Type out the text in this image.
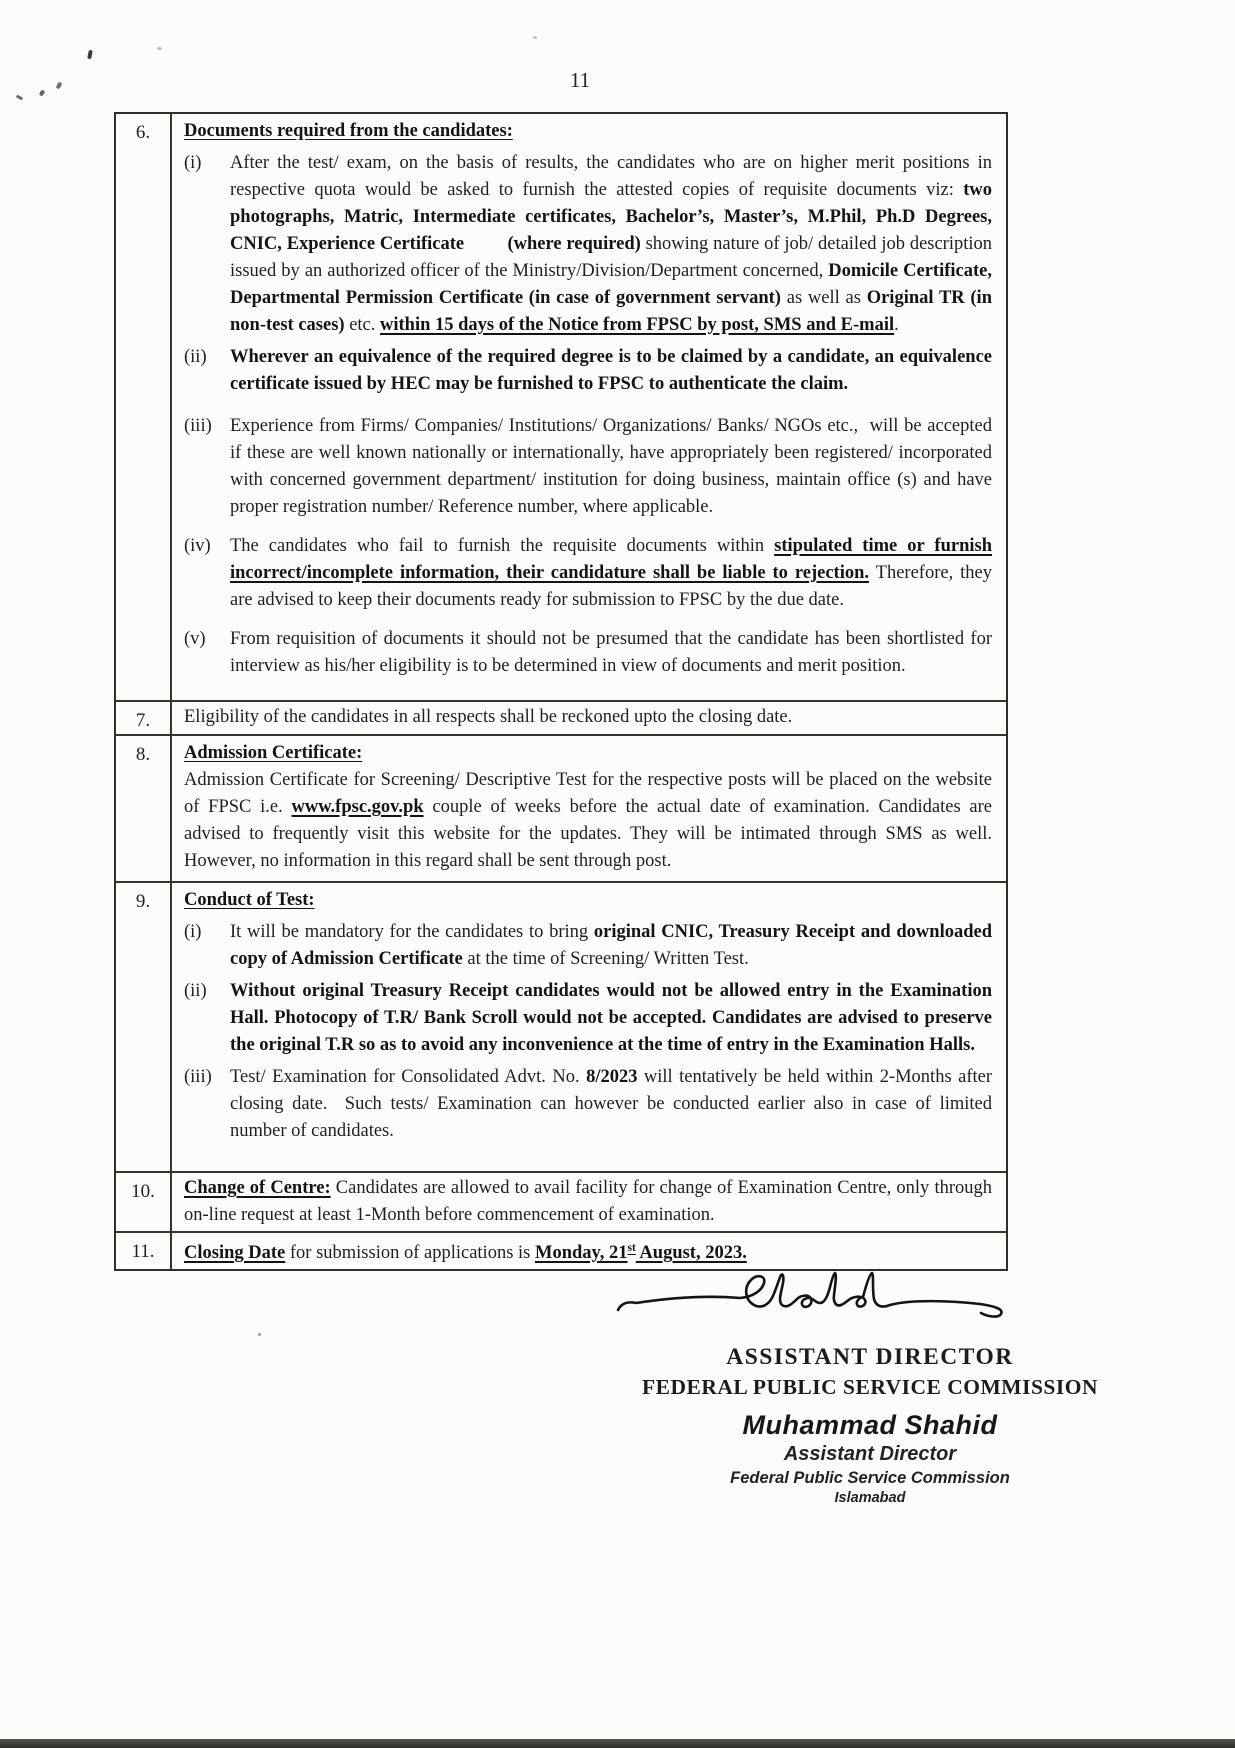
11
6.	Documents required from the candidates:
(i)	After the test/ exam, on the basis of results, the candidates who are on higher merit positions in respective quota would be asked to furnish the attested copies of requisite documents viz: two photographs, Matric, Intermediate certificates, Bachelor’s, Master’s, M.Phil, Ph.D Degrees, CNIC, Experience Certificate (where required) showing nature of job/ detailed job description issued by an authorized officer of the Ministry/Division/Department concerned, Domicile Certificate, Departmental Permission Certificate (in case of government servant) as well as Original TR (in non-test cases) etc. within 15 days of the Notice from FPSC by post, SMS and E-mail.
(ii)	Wherever an equivalence of the required degree is to be claimed by a candidate, an equivalence certificate issued by HEC may be furnished to FPSC to authenticate the claim.
(iii) Experience from Firms/ Companies/ Institutions/ Organizations/ Banks/ NGOs etc.,  will be accepted if these are well known nationally or internationally, have appropriately been registered/ incorporated with concerned government department/ institution for doing business, maintain office (s) and have proper registration number/ Reference number, where applicable.
(iv)	The candidates who fail to furnish the requisite documents within stipulated time or furnish incorrect/incomplete information, their candidature shall be liable to rejection. Therefore, they are advised to keep their documents ready for submission to FPSC by the due date.
(v)	From requisition of documents it should not be presumed that the candidate has been shortlisted for interview as his/her eligibility is to be determined in view of documents and merit position.
7.	Eligibility of the candidates in all respects shall be reckoned upto the closing date.
8.	Admission Certificate:
Admission Certificate for Screening/ Descriptive Test for the respective posts will be placed on the website of FPSC i.e. www.fpsc.gov.pk couple of weeks before the actual date of examination. Candidates are advised to frequently visit this website for the updates. They will be intimated through SMS as well. However, no information in this regard shall be sent through post.
9.	Conduct of Test:
(i)	It will be mandatory for the candidates to bring original CNIC, Treasury Receipt and downloaded copy of Admission Certificate at the time of Screening/ Written Test.
(ii)	Without original Treasury Receipt candidates would not be allowed entry in the Examination Hall. Photocopy of T.R/ Bank Scroll would not be accepted. Candidates are advised to preserve the original T.R so as to avoid any inconvenience at the time of entry in the Examination Halls.
(iii) Test/ Examination for Consolidated Advt. No. 8/2023 will tentatively be held within 2-Months after closing date.  Such tests/ Examination can however be conducted earlier also in case of limited number of candidates.
10.	Change of Centre: Candidates are allowed to avail facility for change of Examination Centre, only through on-line request at least 1-Month before commencement of examination.
11.	Closing Date for submission of applications is Monday, 21st August, 2023.
ASSISTANT DIRECTOR
FEDERAL PUBLIC SERVICE COMMISSION
Muhammad Shahid
Assistant Director
Federal Public Service Commission
Islamabad
